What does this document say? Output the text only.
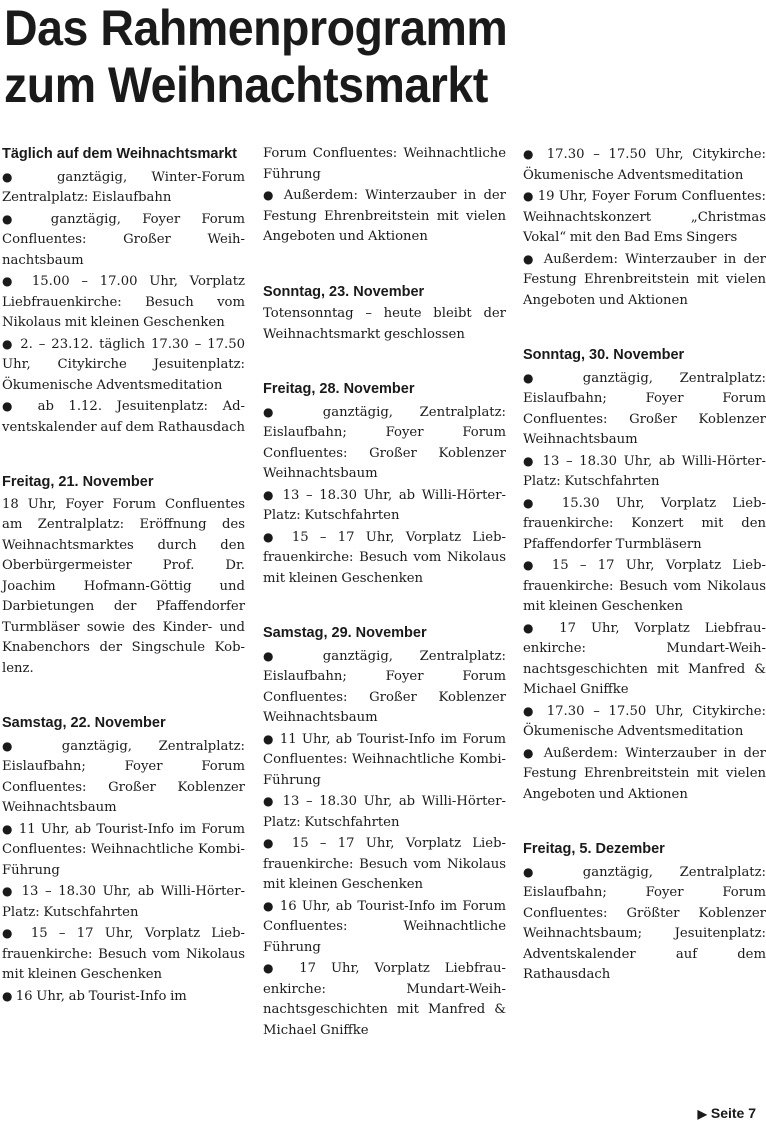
Das Rahmenprogramm
zum Weihnachtsmarkt
Täglich auf dem Weihnachtsmarkt

● ganztägig, Winter-Forum Zentralplatz: Eislaufbahn

● ganztägig, Foyer Forum Confluentes: Großer Weihnachtsbaum

● 15.00 – 17.00 Uhr, Vorplatz Liebfrauenkirche: Besuch vom Nikolaus mit kleinen Geschenken

● 2. – 23.12. täglich 17.30 – 17.50 Uhr, Citykirche Jesuitenplatz: Ökumenische Adventsmeditation

● ab 1.12. Jesuitenplatz: Adventskalender auf dem Rathausdach

Freitag, 21. November

18 Uhr, Foyer Forum Confluentes am Zentralplatz: Eröffnung des Weihnachtsmarktes durch den Oberbürgermeister Prof. Dr. Joachim Hofmann-Göttig und Darbietungen der Pfaffendorfer Turmbläser sowie des Kinder- und Knabenchors der Singschule Koblenz.

Samstag, 22. November

● ganztägig, Zentralplatz: Eislaufbahn; Foyer Forum Confluentes: Großer Koblenzer Weihnachtsbaum

● 11 Uhr, ab Tourist-Info im Forum Confluentes: Weihnachtliche Kombi-Führung

● 13 – 18.30 Uhr, ab Willi-Hörter-Platz: Kutschfahrten

● 15 – 17 Uhr, Vorplatz Liebfrauenkirche: Besuch vom Nikolaus mit kleinen Geschenken

● 16 Uhr, ab Tourist-Info im

Forum Confluentes: Weihnachtliche Führung

● Außerdem: Winterzauber in der Festung Ehrenbreitstein mit vielen Angeboten und Aktionen

Sonntag, 23. November

Totensonntag – heute bleibt der Weihnachtsmarkt geschlossen

Freitag, 28. November

● ganztägig, Zentralplatz: Eislaufbahn; Foyer Forum Confluentes: Großer Koblenzer Weihnachtsbaum

● 13 – 18.30 Uhr, ab Willi-Hörter-Platz: Kutschfahrten

● 15 – 17 Uhr, Vorplatz Liebfrauenkirche: Besuch vom Nikolaus mit kleinen Geschenken

Samstag, 29. November

● ganztägig, Zentralplatz: Eislaufbahn; Foyer Forum Confluentes: Großer Koblenzer Weihnachtsbaum

● 11 Uhr, ab Tourist-Info im Forum Confluentes: Weihnachtliche Kombi-Führung

● 13 – 18.30 Uhr, ab Willi-Hörter-Platz: Kutschfahrten

● 15 – 17 Uhr, Vorplatz Liebfrauenkirche: Besuch vom Nikolaus mit kleinen Geschenken

● 16 Uhr, ab Tourist-Info im Forum Confluentes: Weihnachtliche Führung

● 17 Uhr, Vorplatz Liebfrauenkirche: Mundart-Weihnachtsgeschichten mit Manfred & Michael Gniffke

● 17.30 – 17.50 Uhr, Citykirche: Ökumenische Adventsmeditation

● 19 Uhr, Foyer Forum Confluentes: Weihnachtskonzert „Christmas Vokal“ mit den Bad Ems Singers

● Außerdem: Winterzauber in der Festung Ehrenbreitstein mit vielen Angeboten und Aktionen

Sonntag, 30. November

● ganztägig, Zentralplatz: Eislaufbahn; Foyer Forum Confluentes: Großer Koblenzer Weihnachtsbaum

● 13 – 18.30 Uhr, ab Willi-Hörter-Platz: Kutschfahrten

● 15.30 Uhr, Vorplatz Liebfrauenkirche: Konzert mit den Pfaffendorfer Turmbläsern

● 15 – 17 Uhr, Vorplatz Liebfrauenkirche: Besuch vom Nikolaus mit kleinen Geschenken

● 17 Uhr, Vorplatz Liebfrauenkirche: Mundart-Weihnachtsgeschichten mit Manfred & Michael Gniffke

● 17.30 – 17.50 Uhr, Citykirche: Ökumenische Adventsmeditation

● Außerdem: Winterzauber in der Festung Ehrenbreitstein mit vielen Angeboten und Aktionen

Freitag, 5. Dezember

● ganztägig, Zentralplatz: Eislaufbahn; Foyer Forum Confluentes: Größter Koblenzer Weihnachtsbaum; Jesuitenplatz: Adventskalender auf dem Rathausdach

▶ Seite 7
